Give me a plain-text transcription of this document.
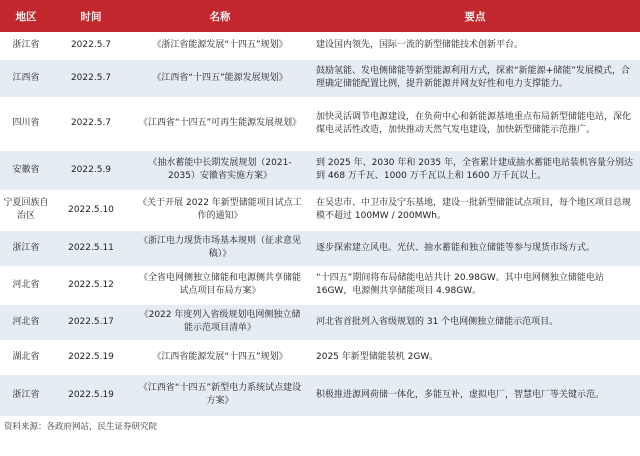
地区	时间	名称	要点
浙江省	2022.5.7	《浙江省能源发展“十四五”规划》	建设国内领先，国际一流的新型储能技术创新平台。
江西省	2022.5.7	《江西省“十四五”能源发展规划》	鼓励氢能、发电侧储能等新型能源利用方式，探索“新能源+储能”发展模式，合理确定储能配置比例，提升新能源并网友好性和电力支撑能力。
四川省	2022.5.7	《江西省“十四五”可再生能源发展规划》	加快灵活调节电源建设，在负荷中心和新能源基地重点布局新型储能电站，深化煤电灵活性改造，加快推动天然气发电建设，加快新型储能示范推广。
安徽省	2022.5.9	《抽水蓄能中长期发展规划（2021-2035）安徽省实施方案》	到 2025 年、2030 年和 2035 年，全省累计建成抽水蓄能电站装机容量分别达到 468 万千瓦、1000 万千瓦以上和 1600 万千瓦以上。
宁夏回族自治区	2022.5.10	《关于开展 2022 年新型储能项目试点工作的通知》	在吴忠市、中卫市及宁东基地，建设一批新型储能试点项目，每个地区项目总规模不超过 100MW / 200MWh。
浙江省	2022.5.11	《浙江电力现货市场基本规则（征求意见稿）》	逐步探索建立风电、光伏、抽水蓄能和独立储能等参与现货市场方式。
河北省	2022.5.12	《全省电网侧独立储能和电源侧共享储能试点项目布局方案》	“十四五”期间将布局储能电站共计 20.98GW。其中电网侧独立储能电站 16GW，电源侧共享储能项目 4.98GW。
河北省	2022.5.17	《2022 年度列入省级规划电网侧独立储能示范项目清单》	河北省首批列入省级规划的 31 个电网侧独立储能示范项目。
湖北省	2022.5.19	《江西省能源发展“十四五”规划》	2025 年新型储能装机 2GW。
浙江省	2022.5.19	《江西省“十四五”新型电力系统试点建设方案》	积极推进源网荷储一体化，多能互补，虚拟电厂，智慧电厂等关键示范。
资料来源：各政府网站，民生证券研究院
